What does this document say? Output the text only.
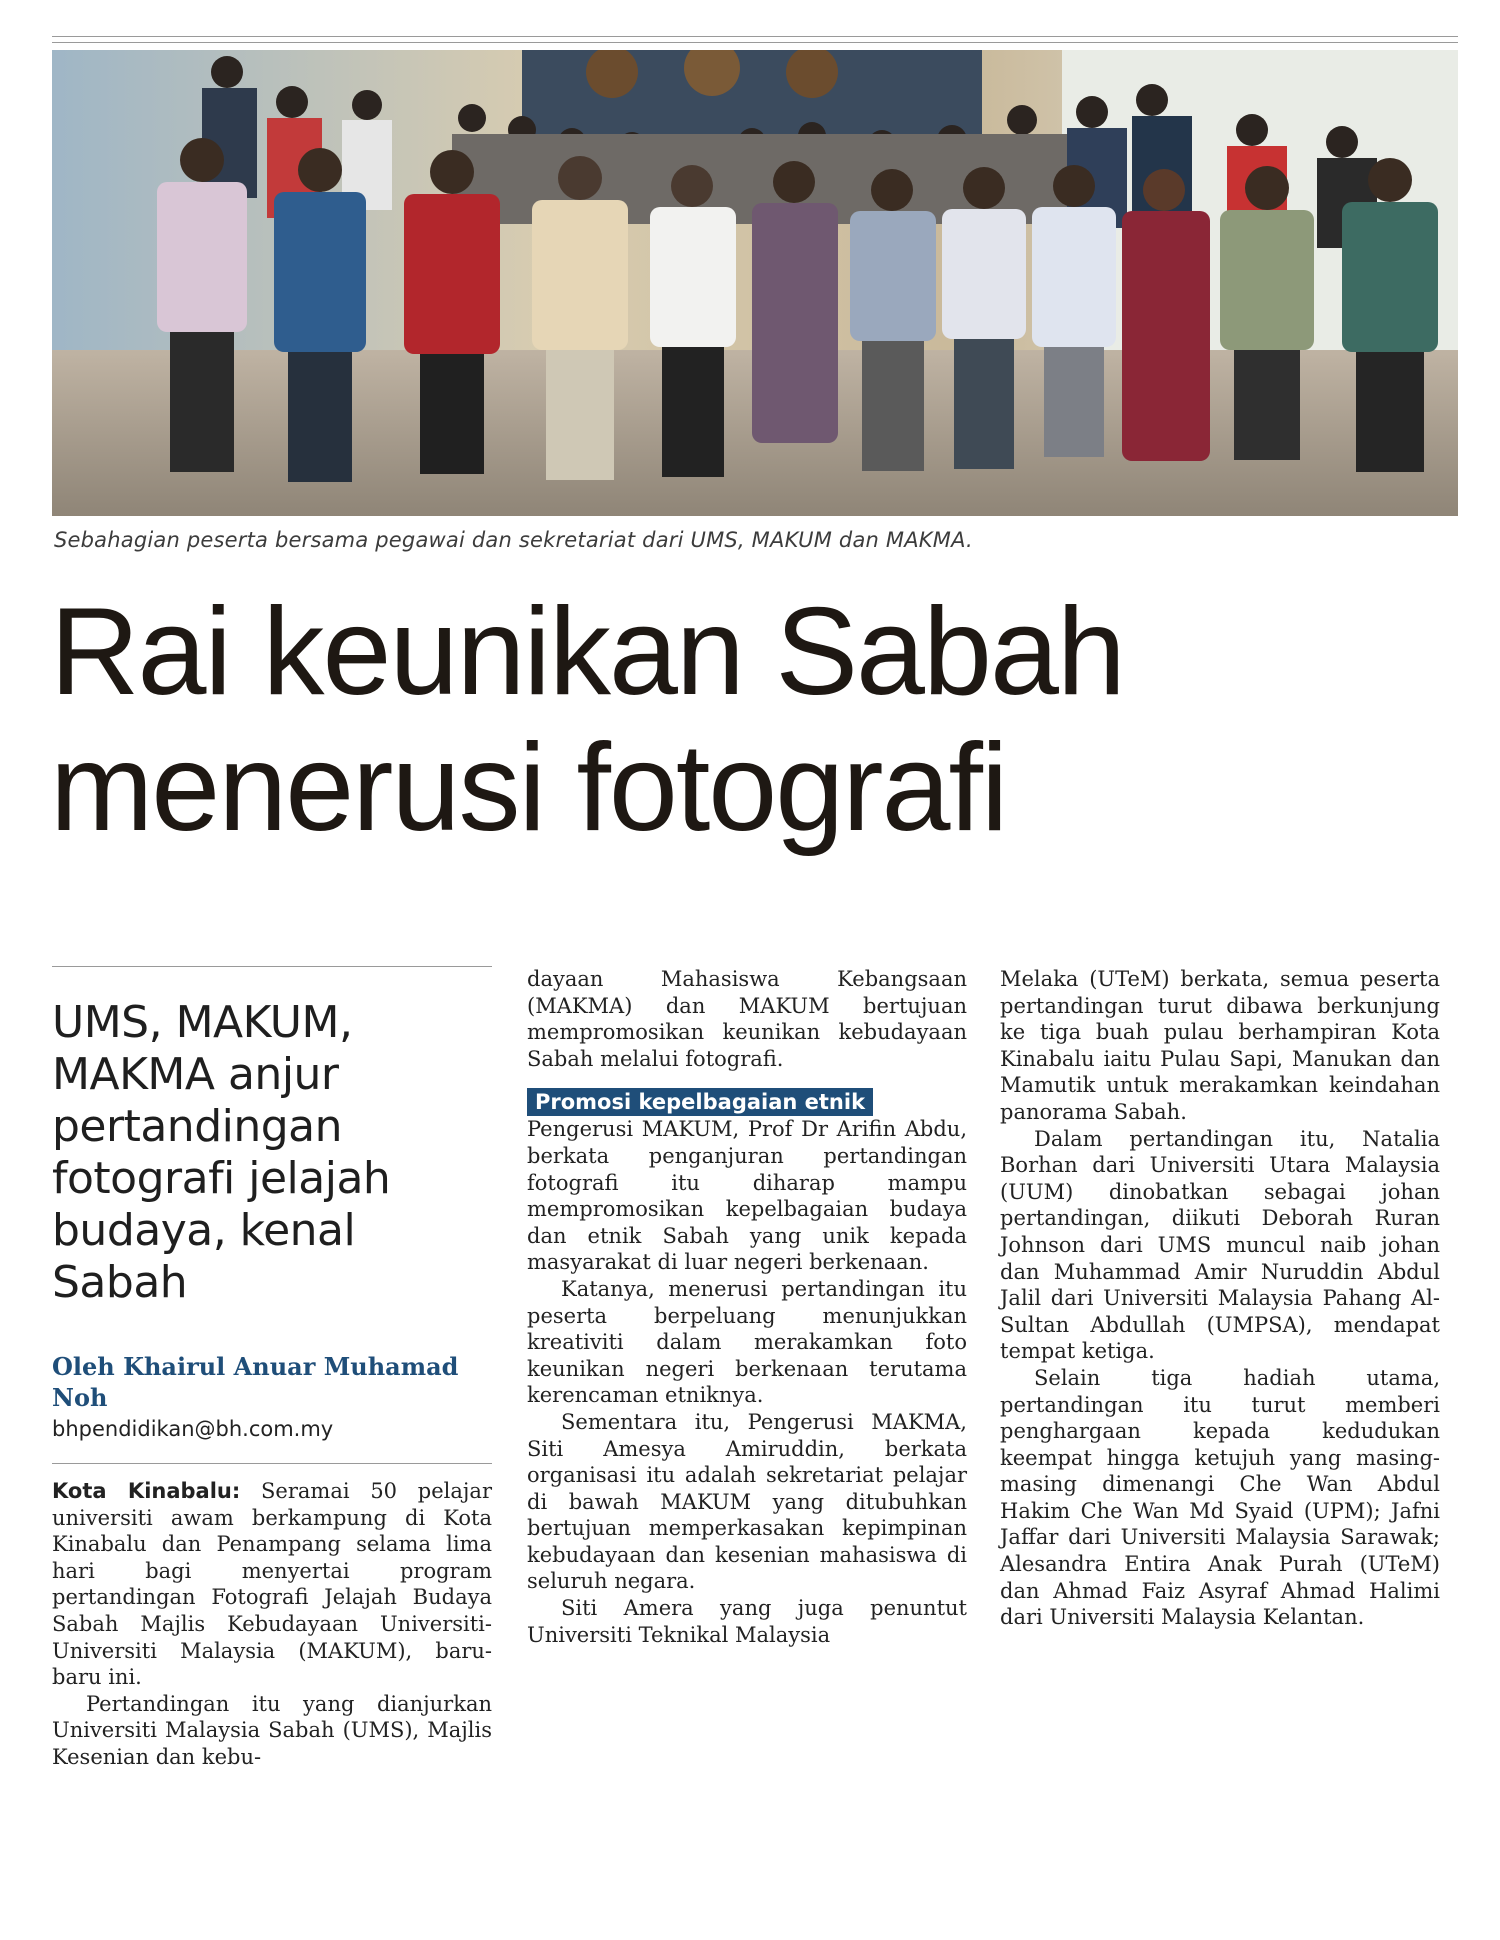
Sebahagian peserta bersama pegawai dan sekretariat dari UMS, MAKUM dan MAKMA.
Rai keunikan Sabah
menerusi fotografi
UMS, MAKUM, MAKMA anjur pertandingan fotografi jelajah budaya, kenal Sabah
Oleh Khairul Anuar Muhamad Noh
bhpendidikan@bh.com.my

Kota Kinabalu: Seramai 50 pelajar universiti awam berkampung di Kota Kinabalu dan Penampang selama lima hari bagi menyertai program pertandingan Fotografi Jelajah Budaya Sabah Majlis Kebudayaan Universiti-Universiti Malaysia (MAKUM), baru-baru ini.

Pertandingan itu yang dianjurkan Universiti Malaysia Sabah (UMS), Majlis Kesenian dan kebu-

dayaan Mahasiswa Kebangsaan (MAKMA) dan MAKUM bertujuan mempromosikan keunikan kebudayaan Sabah melalui fotografi.

Promosi kepelbagaian etnik

Pengerusi MAKUM, Prof Dr Arifin Abdu, berkata penganjuran pertandingan fotografi itu diharap mampu mempromosikan kepelbagaian budaya dan etnik Sabah yang unik kepada masyarakat di luar negeri berkenaan.

Katanya, menerusi pertandingan itu peserta berpeluang menunjukkan kreativiti dalam merakamkan foto keunikan negeri berkenaan terutama kerencaman etniknya.

Sementara itu, Pengerusi MAKMA, Siti Amesya Amiruddin, berkata organisasi itu adalah sekretariat pelajar di bawah MAKUM yang ditubuhkan bertujuan memperkasakan kepimpinan kebudayaan dan kesenian mahasiswa di seluruh negara.

Siti Amera yang juga penuntut Universiti Teknikal Malaysia

Melaka (UTeM) berkata, semua peserta pertandingan turut dibawa berkunjung ke tiga buah pulau berhampiran Kota Kinabalu iaitu Pulau Sapi, Manukan dan Mamutik untuk merakamkan keindahan panorama Sabah.

Dalam pertandingan itu, Natalia Borhan dari Universiti Utara Malaysia (UUM) dinobatkan sebagai johan pertandingan, diikuti Deborah Ruran Johnson dari UMS muncul naib johan dan Muhammad Amir Nuruddin Abdul Jalil dari Universiti Malaysia Pahang Al-Sultan Abdullah (UMPSA), mendapat tempat ketiga.

Selain tiga hadiah utama, pertandingan itu turut memberi penghargaan kepada kedudukan keempat hingga ketujuh yang masing-masing dimenangi Che Wan Abdul Hakim Che Wan Md Syaid (UPM); Jafni Jaffar dari Universiti Malaysia Sarawak; Alesandra Entira Anak Purah (UTeM) dan Ahmad Faiz Asyraf Ahmad Halimi dari Universiti Malaysia Kelantan.
